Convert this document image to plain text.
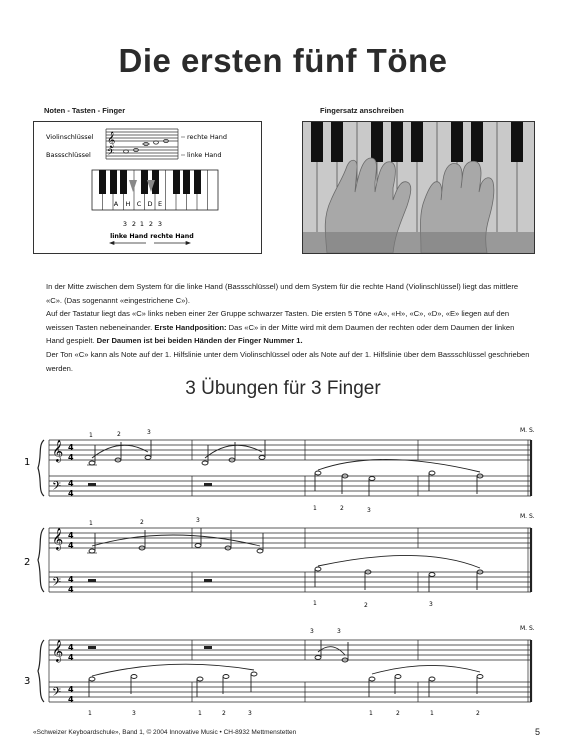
Die ersten fünf Töne
Noten - Tasten - Finger
𝄞
𝄢
Violinschlüssel
Bassschlüssel
rechte Hand
linke Hand
A H C D E
3 2 1 2 3
linke Hand rechte Hand
Fingersatz anschreiben

In der Mitte zwischen dem System für die linke Hand (Bassschlüssel) und dem System für die rechte Hand (Violinschlüssel) liegt das mittlere «C». (Das sogenannt «eingestrichene C»).

Auf der Tastatur liegt das «C» links neben einer 2er Gruppe schwarzer Tasten. Die ersten 5 Töne «A», «H», «C», «D», «E» liegen auf den weissen Tasten nebeneinander. Erste Handposition: Das «C» in der Mitte wird mit dem Daumen der rechten oder dem Daumen der linken Hand gespielt. Der Daumen ist bei beiden Händen der Finger Nummer 1.

Der Ton «C» kann als Note auf der 1. Hilfslinie unter dem Violinschlüssel oder als Note auf der 1. Hilfslinie über dem Bassschlüssel geschrieben werden.

3 Übungen für 3 Finger
M. S.
1
𝄞
𝄢
4
4
4
4
1	2	3
1	2	3
M. S.
2
𝄞
𝄢
4
4
4
4
1	2	3
1	2	3
M. S.
3
𝄞
𝄢
4
4
4
4
3	3
1	3	1	2	3	1	2	1	2
«Schweizer Keyboardschule», Band 1, © 2004 Innovative Music • CH-8932 Mettmenstetten	5
